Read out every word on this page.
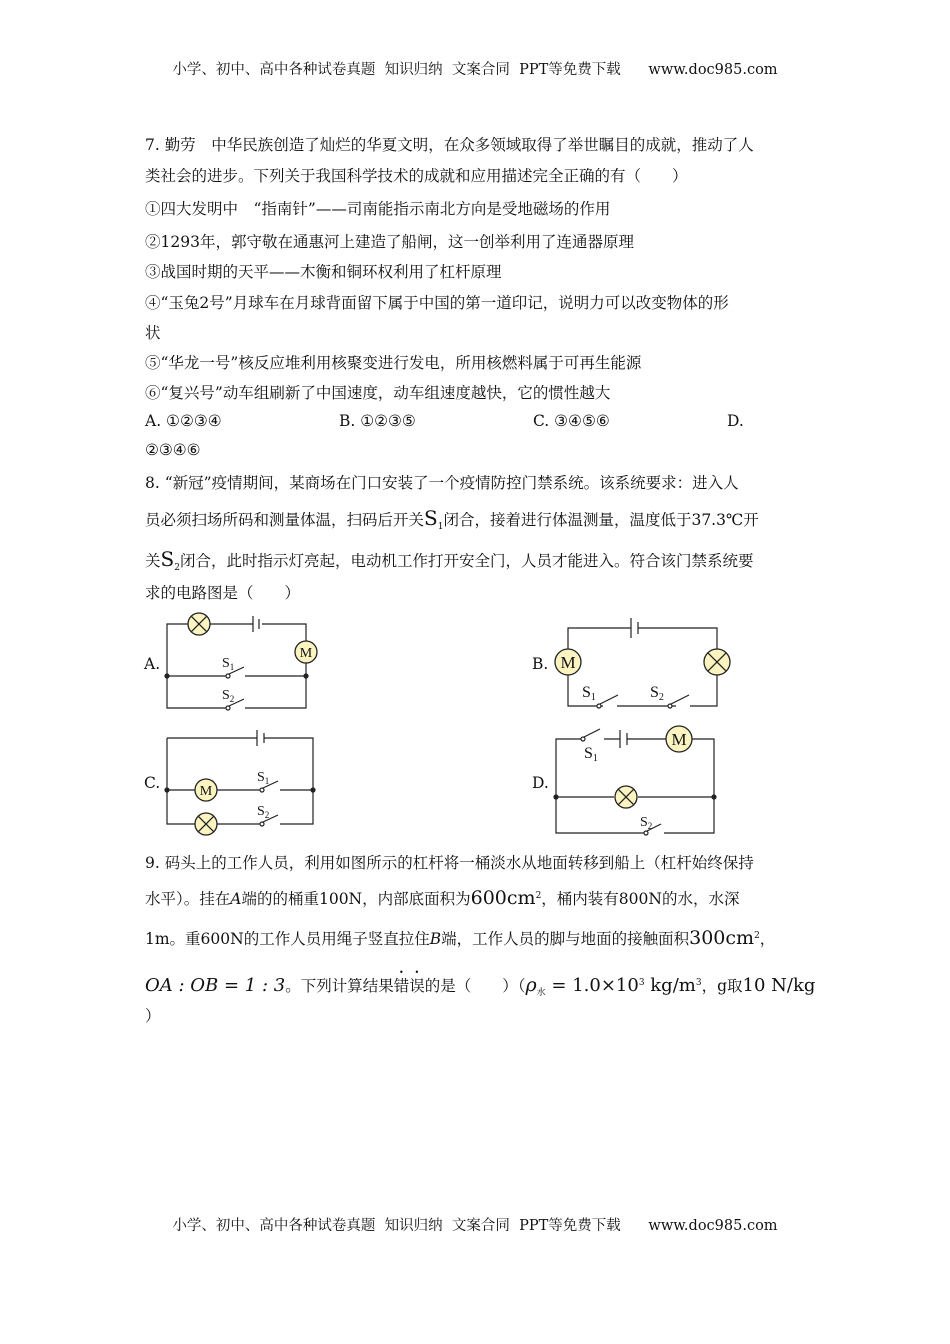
小学、初中、高中各种试卷真题  知识归纳  文案合同  PPT等免费下载      www.doc985.com
7. 勤劳　中华民族创造了灿烂的华夏文明，在众多领域取得了举世瞩目的成就，推动了人
类社会的进步。下列关于我国科学技术的成就和应用描述完全正确的有（　　）
①四大发明中　“指南针”——司南能指示南北方向是受地磁场的作用
②1293年，郭守敬在通惠河上建造了船闸，这一创举利用了连通器原理
③战国时期的天平——木衡和铜环权利用了杠杆原理
④“玉兔2号”月球车在月球背面留下属于中国的第一道印记，说明力可以改变物体的形
状
⑤“华龙一号”核反应堆利用核聚变进行发电，所用核燃料属于可再生能源
⑥“复兴号”动车组刷新了中国速度，动车组速度越快，它的惯性越大
A. ①②③④	B. ①②③⑤	C. ③④⑤⑥	D.
②③④⑥
8. “新冠”疫情期间，某商场在门口安装了一个疫情防控门禁系统。该系统要求：进入人
员必须扫场所码和测量体温，扫码后开关$S_1$闭合，接着进行体温测量，温度低于37.3℃开
关$S_2$闭合，此时指示灯亮起，电动机工作打开安全门，人员才能进入。符合该门禁系统要
求的电路图是（　　）
A.	B.
C.	D.
M	M
M
M
$S_1$
$S_2$	S1	S2
$S_1$
$S_2$
S1
$S_2$
9. 码头上的工作人员，利用如图所示的杠杆将一桶淡水从地面转移到船上（杠杆始终保持
水平）。挂在A端的的桶重100N，内部底面积为$600cm^2$，桶内装有800N的水，水深
1m。重600N的工作人员用绳子竖直拉住B端，工作人员的脚与地面的接触面积$300cm^2$，
OA : OB = 1 : 3。下列计算结果错误的是（　　）（$\rho_水 = 1.0\times 10^3$ $kg/m^3$，g取10 N/kg
）
小学、初中、高中各种试卷真题  知识归纳  文案合同  PPT等免费下载      www.doc985.com
